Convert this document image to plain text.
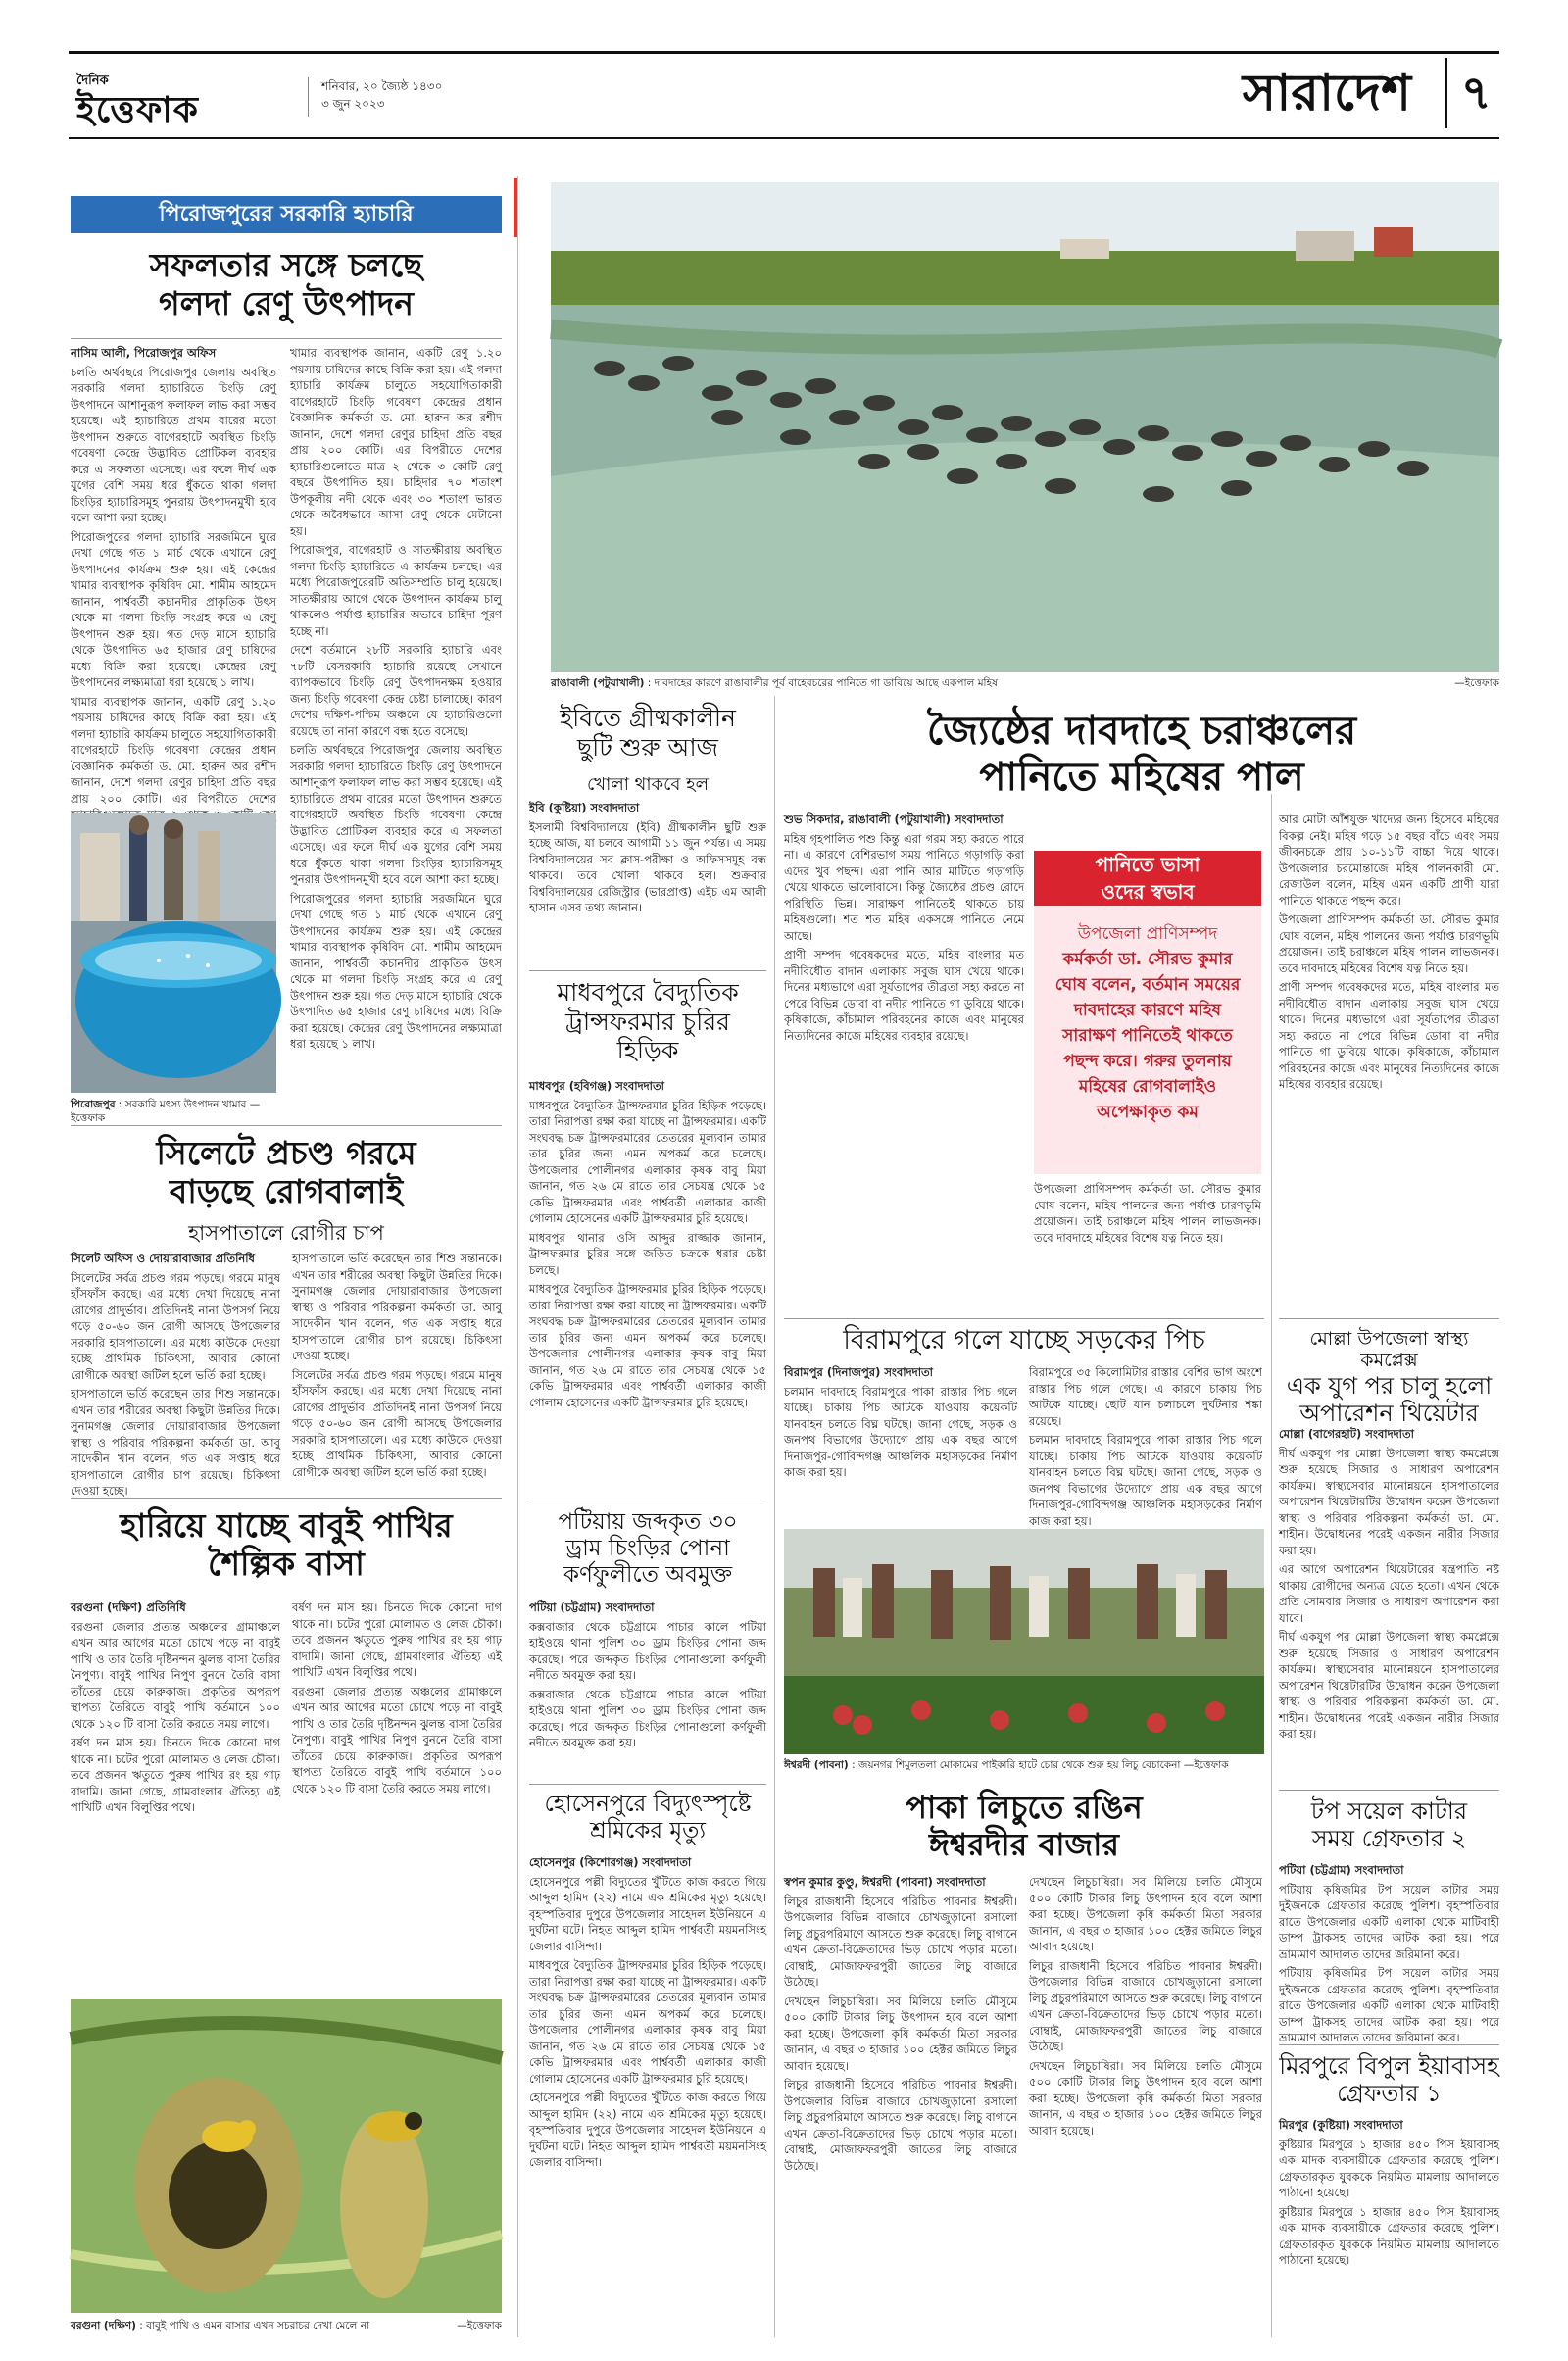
দৈনিক
ইত্তেফাক
শনিবার, ২০ জ্যৈষ্ঠ ১৪৩০
৩ জুন ২০২৩	সারাদেশ	৭
পিরোজপুরের সরকারি হ্যাচারি
সফলতার সঙ্গে চলছে
গলদা রেণু উৎপাদন

নাসিম আলী, পিরোজপুর অফিস

চলতি অর্থবছরে পিরোজপুর জেলায় অবস্থিত সরকারি গলদা হ্যাচারিতে চিংড়ি রেণু উৎপাদনে আশানুরূপ ফলাফল লাভ করা সম্ভব হয়েছে। এই হ্যাচারিতে প্রথম বারের মতো উৎপাদন শুরুতে বাগেরহাটে অবস্থিত চিংড়ি গবেষণা কেন্দ্রে উদ্ভাবিত প্রোটিকল ব্যবহার করে এ সফলতা এসেছে। এর ফলে দীর্ঘ এক যুগের বেশি সময় ধরে ধুঁকতে থাকা গলদা চিংড়ির হ্যাচারিসমূহ পুনরায় উৎপাদনমুখী হবে বলে আশা করা হচ্ছে।

পিরোজপুরের গলদা হ্যাচারি সরজমিনে ঘুরে দেখা গেছে গত ১ মার্চ থেকে এখানে রেণু উৎপাদনের কার্যক্রম শুরু হয়। এই কেন্দ্রের খামার ব্যবস্থাপক কৃষিবিদ মো. শামীম আহমেদ জানান, পার্শ্ববর্তী কচানদীর প্রাকৃতিক উৎস থেকে মা গলদা চিংড়ি সংগ্রহ করে এ রেণু উৎপাদন শুরু হয়। গত দেড় মাসে হ্যাচারি থেকে উৎপাদিত ৬৫ হাজার রেণু চাষিদের মধ্যে বিক্রি করা হয়েছে। কেন্দ্রের রেণু উৎপাদনের লক্ষ্যমাত্রা ধরা হয়েছে ১ লাখ।

খামার ব্যবস্থাপক জানান, একটি রেণু ১.২০ পয়সায় চাষিদের কাছে বিক্রি করা হয়। এই গলদা হ্যাচারি কার্যক্রম চালুতে সহযোগিতাকারী বাগেরহাটে চিংড়ি গবেষণা কেন্দ্রের প্রধান বৈজ্ঞানিক কর্মকর্তা ড. মো. হারুন অর রশীদ জানান, দেশে গলদা রেণুর চাহিদা প্রতি বছর প্রায় ২০০ কোটি। এর বিপরীতে দেশের

খামার ব্যবস্থাপক জানান, একটি রেণু ১.২০ পয়সায় চাষিদের কাছে বিক্রি করা হয়। এই গলদা হ্যাচারি কার্যক্রম চালুতে সহযোগিতাকারী বাগেরহাটে চিংড়ি গবেষণা কেন্দ্রের প্রধান বৈজ্ঞানিক কর্মকর্তা ড. মো. হারুন অর রশীদ জানান, দেশে গলদা রেণুর চাহিদা প্রতি বছর প্রায় ২০০ কোটি। এর বিপরীতে দেশের হ্যাচারিগুলোতে মাত্র ২ থেকে ৩ কোটি রেণু বছরে উৎপাদিত হয়। চাহিদার ৭০ শতাংশ উপকূলীয় নদী থেকে এবং ৩০ শতাংশ ভারত থেকে অবৈধভাবে আসা রেণু থেকে মেটানো হয়।

পিরোজপুর, বাগেরহাট ও সাতক্ষীরায় অবস্থিত গলদা চিংড়ি হ্যাচারিতে এ কার্যক্রম চলছে। এর মধ্যে পিরোজপুরেরটি অতিসম্প্রতি চালু হয়েছে। সাতক্ষীরায় আগে থেকে উৎপাদন কার্যক্রম চালু থাকলেও পর্যাপ্ত হ্যাচারির অভাবে চাহিদা পূরণ হচ্ছে না।

দেশে বর্তমানে ২৮টি সরকারি হ্যাচারি এবং ৭৮টি বেসরকারি হ্যাচারি রয়েছে সেখানে ব্যাপকভাবে চিংড়ি রেণু উৎপাদনক্ষম হওয়ার জন্য চিংড়ি গবেষণা কেন্দ্র চেষ্টা চালাচ্ছে। কারণ দেশের দক্ষিণ-পশ্চিম অঞ্চলে যে হ্যাচারিগুলো রয়েছে তা নানা কারণে বন্ধ হতে বসেছে।

চলতি অর্থবছরে পিরোজপুর জেলায় অবস্থিত সরকারি গলদা হ্যাচারিতে চিংড়ি রেণু উৎপাদনে আশানুরূপ ফলাফল লাভ করা সম্ভব হয়েছে। এই হ্যাচারিতে প্রথম বারের মতো উৎপাদন শুরুতে বাগেরহাটে অবস্থিত চিংড়ি গবেষণা কেন্দ্রে উদ্ভাবিত প্রোটিকল ব্যবহার করে এ সফলতা এসেছে। এর ফলে দীর্ঘ এক যুগের বেশি সময় ধরে ধুঁকতে থাকা গলদা চিংড়ির হ্যাচারিসমূহ পুনরায় উৎপাদনমুখী হবে বলে আশা করা হচ্ছে।

পিরোজপুরের গলদা হ্যাচারি সরজমিনে ঘুরে দেখা গেছে গত ১ মার্চ থেকে এখানে রেণু উৎপাদনের কার্যক্রম শুরু হয়। এই কেন্দ্রের খামার ব্যবস্থাপক কৃষিবিদ মো. শামীম আহমেদ জানান, পার্শ্ববর্তী কচানদীর প্রাকৃতিক উৎস থেকে মা গলদা চিংড়ি সংগ্রহ করে এ রেণু উৎপাদন শুরু হয়। গত দেড় মাসে হ্যাচারি থেকে উৎপাদিত ৬৫ হাজার রেণু চাষিদের মধ্যে বিক্রি করা হয়েছে। কেন্দ্রের রেণু উৎপাদনের লক্ষ্যমাত্রা ধরা হয়েছে ১ লাখ।

পিরোজপুর : সরকারি মৎস্য উৎপাদন খামার —ইত্তেফাক
সিলেটে প্রচণ্ড গরমে
বাড়ছে রোগবালাই
হাসপাতালে রোগীর চাপ

সিলেট অফিস ও দোয়ারাবাজার প্রতিনিধি

সিলেটের সর্বত্র প্রচণ্ড গরম পড়ছে। গরমে মানুষ হাঁসফাঁস করছে। এর মধ্যে দেখা দিয়েছে নানা রোগের প্রাদুর্ভাব। প্রতিদিনই নানা উপসর্গ নিয়ে গড়ে ৫০-৬০ জন রোগী আসছে উপজেলার সরকারি হাসপাতালে। এর মধ্যে কাউকে দেওয়া হচ্ছে প্রাথমিক চিকিৎসা, আবার কোনো রোগীকে অবস্থা জটিল হলে ভর্তি করা হচ্ছে।

হাসপাতালে ভর্তি করেছেন তার শিশু সন্তানকে। এখন তার শরীরের অবস্থা কিছুটা উন্নতির দিকে। সুনামগঞ্জ জেলার দোয়ারাবাজার উপজেলা স্বাস্থ্য ও পরিবার পরিকল্পনা কর্মকর্তা ডা. আবু সাদেকীন খান বলেন, গত এক সপ্তাহ ধরে হাসপাতালে রোগীর চাপ রয়েছে। চিকিৎসা দেওয়া হচ্ছে।

হাসপাতালে ভর্তি করেছেন তার শিশু সন্তানকে। এখন তার শরীরের অবস্থা কিছুটা উন্নতির দিকে। সুনামগঞ্জ জেলার দোয়ারাবাজার উপজেলা স্বাস্থ্য ও পরিবার পরিকল্পনা কর্মকর্তা ডা. আবু সাদেকীন খান বলেন, গত এক সপ্তাহ ধরে হাসপাতালে রোগীর চাপ রয়েছে। চিকিৎসা দেওয়া হচ্ছে।

সিলেটের সর্বত্র প্রচণ্ড গরম পড়ছে। গরমে মানুষ হাঁসফাঁস করছে। এর মধ্যে দেখা দিয়েছে নানা রোগের প্রাদুর্ভাব। প্রতিদিনই নানা উপসর্গ নিয়ে গড়ে ৫০-৬০ জন রোগী আসছে উপজেলার সরকারি হাসপাতালে। এর মধ্যে কাউকে দেওয়া হচ্ছে প্রাথমিক চিকিৎসা, আবার কোনো রোগীকে অবস্থা জটিল হলে ভর্তি করা হচ্ছে।

হারিয়ে যাচ্ছে বাবুই পাখির
শৈল্পিক বাসা

বরগুনা (দক্ষিণ) প্রতিনিধি

বরগুনা জেলার প্রত্যন্ত অঞ্চলের গ্রামাঞ্চলে এখন আর আগের মতো চোখে পড়ে না বাবুই পাখি ও তার তৈরি দৃষ্টিনন্দন ঝুলন্ত বাসা তৈরির নৈপুণ্য। বাবুই পাখির নিপুণ বুননে তৈরি বাসা তাঁতের চেয়ে কারুকাজ। প্রকৃতির অপরূপ স্থাপত্য তৈরিতে বাবুই পাখি বর্তমানে ১০০ থেকে ১২০ টি বাসা তৈরি করতে সময় লাগে।

বর্ষণ দন মাস হয়। চিনতে দিকে কোনো দাগ থাকে না। চটের পুরো মোলামত ও লেজ চৌকা। তবে প্রজনন ঋতুতে পুরুষ পাখির রং হয় গাঢ় বাদামি। জানা গেছে, গ্রামবাংলার ঐতিহ্য এই পাখিটি এখন বিলুপ্তির পথে।

বর্ষণ দন মাস হয়। চিনতে দিকে কোনো দাগ থাকে না। চটের পুরো মোলামত ও লেজ চৌকা। তবে প্রজনন ঋতুতে পুরুষ পাখির রং হয় গাঢ় বাদামি। জানা গেছে, গ্রামবাংলার ঐতিহ্য এই পাখিটি এখন বিলুপ্তির পথে।

বরগুনা জেলার প্রত্যন্ত অঞ্চলের গ্রামাঞ্চলে এখন আর আগের মতো চোখে পড়ে না বাবুই পাখি ও তার তৈরি দৃষ্টিনন্দন ঝুলন্ত বাসা তৈরির নৈপুণ্য। বাবুই পাখির নিপুণ বুননে তৈরি বাসা তাঁতের চেয়ে কারুকাজ। প্রকৃতির অপরূপ স্থাপত্য তৈরিতে বাবুই পাখি বর্তমানে ১০০ থেকে ১২০ টি বাসা তৈরি করতে সময় লাগে।

বরগুনা (দক্ষিণ) : বাবুই পাখি ও এমন বাসার এখন সচরাচর দেখা মেলে না	—ইত্তেফাক
রাঙাবালী (পটুয়াখালী) : দাবদাহের কারণে রাঙাবালীর পূর্ব বাহেরচরের পানিতে গা ডাবিয়ে আছে একপাল মহিষ	—ইত্তেফাক
ইবিতে গ্রীষ্মকালীন
ছুটি শুরু আজ
খোলা থাকবে হল

ইবি (কুষ্টিয়া) সংবাদদাতা

ইসলামী বিশ্ববিদ্যালয়ে (ইবি) গ্রীষ্মকালীন ছুটি শুরু হচ্ছে আজ, যা চলবে আগামী ১১ জুন পর্যন্ত। এ সময় বিশ্ববিদ্যালয়ের সব ক্লাস-পরীক্ষা ও অফিসসমূহ বন্ধ থাকবে। তবে খোলা থাকবে হল। শুক্রবার বিশ্ববিদ্যালয়ের রেজিস্ট্রার (ভারপ্রাপ্ত) এইচ এম আলী হাসান এসব তথ্য জানান।

মাধবপুরে বৈদ্যুতিক
ট্রান্সফরমার চুরির
হিড়িক

মাধবপুর (হবিগঞ্জ) সংবাদদাতা

মাধবপুরে বৈদ্যুতিক ট্রান্সফরমার চুরির হিড়িক পড়েছে। তারা নিরাপত্তা রক্ষা করা যাচ্ছে না ট্রান্সফরমার। একটি সংঘবদ্ধ চক্র ট্রান্সফরমারের তেতরের মূল্যবান তামার তার চুরির জন্য এমন অপকর্ম করে চলেছে। উপজেলার পোলীনগর এলাকার কৃষক বাবু মিয়া জানান, গত ২৬ মে রাতে তার সেচযন্ত্র থেকে ১৫ কেভি ট্রান্সফরমার এবং পার্শ্ববর্তী এলাকার কাজী গোলাম হোসেনের একটি ট্রান্সফরমার চুরি হয়েছে।

মাধবপুর থানার ওসি আব্দুর রাজ্জাক জানান, ট্রান্সফরমার চুরির সঙ্গে জড়িত চক্রকে ধরার চেষ্টা চলছে।

মাধবপুরে বৈদ্যুতিক ট্রান্সফরমার চুরির হিড়িক পড়েছে। তারা নিরাপত্তা রক্ষা করা যাচ্ছে না ট্রান্সফরমার। একটি সংঘবদ্ধ চক্র ট্রান্সফরমারের তেতরের মূল্যবান তামার তার চুরির জন্য এমন অপকর্ম করে চলেছে। উপজেলার পোলীনগর এলাকার কৃষক বাবু মিয়া জানান, গত ২৬ মে রাতে তার সেচযন্ত্র থেকে ১৫ কেভি ট্রান্সফরমার এবং পার্শ্ববর্তী এলাকার কাজী গোলাম হোসেনের একটি ট্রান্সফরমার চুরি হয়েছে।

পটিয়ায় জব্দকৃত ৩০
ড্রাম চিংড়ির পোনা
কর্ণফুলীতে অবমুক্ত

পটিয়া (চট্টগ্রাম) সংবাদদাতা

কক্সবাজার থেকে চট্টগ্রামে পাচার কালে পটিয়া হাইওয়ে থানা পুলিশ ৩০ ড্রাম চিংড়ির পোনা জব্দ করেছে। পরে জব্দকৃত চিংড়ির পোনাগুলো কর্ণফুলী নদীতে অবমুক্ত করা হয়।

কক্সবাজার থেকে চট্টগ্রামে পাচার কালে পটিয়া হাইওয়ে থানা পুলিশ ৩০ ড্রাম চিংড়ির পোনা জব্দ করেছে। পরে জব্দকৃত চিংড়ির পোনাগুলো কর্ণফুলী নদীতে অবমুক্ত করা হয়।

হোসেনপুরে বিদ্যুৎস্পৃষ্টে
শ্রমিকের মৃত্যু

হোসেনপুর (কিশোরগঞ্জ) সংবাদদাতা

হোসেনপুরে পল্লী বিদ্যুতের খুঁটিতে কাজ করতে গিয়ে আব্দুল হামিদ (২২) নামে এক শ্রমিকের মৃত্যু হয়েছে। বৃহস্পতিবার দুপুরে উপজেলার সাহেদল ইউনিয়নে এ দুর্ঘটনা ঘটে। নিহত আব্দুল হামিদ পার্শ্ববর্তী ময়মনসিংহ জেলার বাসিন্দা।

মাধবপুরে বৈদ্যুতিক ট্রান্সফরমার চুরির হিড়িক পড়েছে। তারা নিরাপত্তা রক্ষা করা যাচ্ছে না ট্রান্সফরমার। একটি সংঘবদ্ধ চক্র ট্রান্সফরমারের তেতরের মূল্যবান তামার তার চুরির জন্য এমন অপকর্ম করে চলেছে। উপজেলার পোলীনগর এলাকার কৃষক বাবু মিয়া জানান, গত ২৬ মে রাতে তার সেচযন্ত্র থেকে ১৫ কেভি ট্রান্সফরমার এবং পার্শ্ববর্তী এলাকার কাজী গোলাম হোসেনের একটি ট্রান্সফরমার চুরি হয়েছে।

হোসেনপুরে পল্লী বিদ্যুতের খুঁটিতে কাজ করতে গিয়ে আব্দুল হামিদ (২২) নামে এক শ্রমিকের মৃত্যু হয়েছে। বৃহস্পতিবার দুপুরে উপজেলার সাহেদল ইউনিয়নে এ দুর্ঘটনা ঘটে। নিহত আব্দুল হামিদ পার্শ্ববর্তী ময়মনসিংহ জেলার বাসিন্দা।

জ্যৈষ্ঠের দাবদাহে চরাঞ্চলের
পানিতে মহিষের পাল

শুভ সিকদার, রাঙাবালী (পটুয়াখালী) সংবাদদাতা

মহিষ গৃহপালিত পশু কিন্তু এরা গরম সহ্য করতে পারে না। এ কারণে বেশিরভাগ সময় পানিতে গড়াগড়ি করা এদের খুব পছন্দ। এরা পানি আর মাটিতে গড়াগড়ি খেয়ে থাকতে ভালোবাসে। কিন্তু জ্যৈষ্ঠের প্রচণ্ড রোদে পরিস্থিতি ভিন্ন। সারাক্ষণ পানিতেই থাকতে চায় মহিষগুলো। শত শত মহিষ একসঙ্গে পানিতে নেমে আছে।

প্রাণী সম্পদ গবেষকদের মতে, মহিষ বাংলার মত নদীবিধৌত বাদান এলাকায় সবুজ ঘাস খেয়ে থাকে। দিনের মধ্যভাগে এরা সূর্যতাপের তীব্রতা সহ্য করতে না পেরে বিভিন্ন ডোবা বা নদীর পানিতে গা ডুবিয়ে থাকে। কৃষিকাজে, কাঁচামাল পরিবহনের কাজে এবং মানুষের নিত্যদিনের কাজে মহিষের ব্যবহার রয়েছে।

পানিতে ভাসা
ওদের স্বভাব
উপজেলা প্রাণিসম্পদ
কর্মকর্তা ডা. সৌরভ কুমার
ঘোষ বলেন, বর্তমান সময়ের
দাবদাহের কারণে মহিষ
সারাক্ষণ পানিতেই থাকতে
পছন্দ করে। গরুর তুলনায়
মহিষের রোগবালাইও
অপেক্ষাকৃত কম

উপজেলা প্রাণিসম্পদ কর্মকর্তা ডা. সৌরভ কুমার ঘোষ বলেন, মহিষ পালনের জন্য পর্যাপ্ত চারণভূমি প্রয়োজন। তাই চরাঞ্চলে মহিষ পালন লাভজনক। তবে দাবদাহে মহিষের বিশেষ যত্ন নিতে হয়।

আর মোটা আঁশযুক্ত খাদ্যের জন্য হিসেবে মহিষের বিকল্প নেই। মহিষ গড়ে ১৫ বছর বাঁচে এবং সময় জীবনচক্রে প্রায় ১০-১১টি বাচ্চা দিয়ে থাকে। উপজেলার চরমোন্তাজে মহিষ পালনকারী মো. রেজাউল বলেন, মহিষ এমন একটি প্রাণী যারা পানিতে থাকতে পছন্দ করে।

উপজেলা প্রাণিসম্পদ কর্মকর্তা ডা. সৌরভ কুমার ঘোষ বলেন, মহিষ পালনের জন্য পর্যাপ্ত চারণভূমি প্রয়োজন। তাই চরাঞ্চলে মহিষ পালন লাভজনক। তবে দাবদাহে মহিষের বিশেষ যত্ন নিতে হয়।

প্রাণী সম্পদ গবেষকদের মতে, মহিষ বাংলার মত নদীবিধৌত বাদান এলাকায় সবুজ ঘাস খেয়ে থাকে। দিনের মধ্যভাগে এরা সূর্যতাপের তীব্রতা সহ্য করতে না পেরে বিভিন্ন ডোবা বা নদীর পানিতে গা ডুবিয়ে থাকে। কৃষিকাজে, কাঁচামাল পরিবহনের কাজে এবং মানুষের নিত্যদিনের কাজে মহিষের ব্যবহার রয়েছে।

বিরামপুরে গলে যাচ্ছে সড়কের পিচ

বিরামপুর (দিনাজপুর) সংবাদদাতা

চলমান দাবদাহে বিরামপুরে পাকা রাস্তার পিচ গলে যাচ্ছে। চাকায় পিচ আটকে যাওয়ায় কয়েকটি যানবাহন চলতে বিঘ্ন ঘটছে। জানা গেছে, সড়ক ও জনপথ বিভাগের উদ্যোগে প্রায় এক বছর আগে দিনাজপুর-গোবিন্দগঞ্জ আঞ্চলিক মহাসড়কের নির্মাণ কাজ করা হয়।

বিরামপুরে ৩৫ কিলোমিটার রাস্তার বেশির ভাগ অংশে রাস্তার পিচ গলে গেছে। এ কারণে চাকায় পিচ আটকে যাচ্ছে। ছোট যান চলাচলে দুর্ঘটনার শঙ্কা রয়েছে।

চলমান দাবদাহে বিরামপুরে পাকা রাস্তার পিচ গলে যাচ্ছে। চাকায় পিচ আটকে যাওয়ায় কয়েকটি যানবাহন চলতে বিঘ্ন ঘটছে। জানা গেছে, সড়ক ও জনপথ বিভাগের উদ্যোগে প্রায় এক বছর আগে দিনাজপুর-গোবিন্দগঞ্জ আঞ্চলিক মহাসড়কের নির্মাণ কাজ করা হয়।

ঈশ্বরদী (পাবনা) : জয়নগর শিমুলতলা মোকামের পাইকারি হাটে চোর থেকে শুরু হয় লিচু বেচাকেনা —ইত্তেফাক
পাকা লিচুতে রঙিন
ঈশ্বরদীর বাজার

স্বপন কুমার কুণ্ডু, ঈশ্বরদী (পাবনা) সংবাদদাতা

লিচুর রাজধানী হিসেবে পরিচিত পাবনার ঈশ্বরদী। উপজেলার বিভিন্ন বাজারে চোখজুড়ানো রসালো লিচু প্রচুরপরিমাণে আসতে শুরু করেছে। লিচু বাগানে এখন ক্রেতা-বিক্রেতাদের ভিড় চোখে পড়ার মতো। বোম্বাই, মোজাফফরপুরী জাতের লিচু বাজারে উঠেছে।

দেখছেন লিচুচাষিরা। সব মিলিয়ে চলতি মৌসুমে ৫০০ কোটি টাকার লিচু উৎপাদন হবে বলে আশা করা হচ্ছে। উপজেলা কৃষি কর্মকর্তা মিতা সরকার জানান, এ বছর ৩ হাজার ১০০ হেক্টর জমিতে লিচুর আবাদ হয়েছে।

লিচুর রাজধানী হিসেবে পরিচিত পাবনার ঈশ্বরদী। উপজেলার বিভিন্ন বাজারে চোখজুড়ানো রসালো লিচু প্রচুরপরিমাণে আসতে শুরু করেছে। লিচু বাগানে এখন ক্রেতা-বিক্রেতাদের ভিড় চোখে পড়ার মতো। বোম্বাই, মোজাফফরপুরী জাতের লিচু বাজারে উঠেছে।

দেখছেন লিচুচাষিরা। সব মিলিয়ে চলতি মৌসুমে ৫০০ কোটি টাকার লিচু উৎপাদন হবে বলে আশা করা হচ্ছে। উপজেলা কৃষি কর্মকর্তা মিতা সরকার জানান, এ বছর ৩ হাজার ১০০ হেক্টর জমিতে লিচুর আবাদ হয়েছে।

লিচুর রাজধানী হিসেবে পরিচিত পাবনার ঈশ্বরদী। উপজেলার বিভিন্ন বাজারে চোখজুড়ানো রসালো লিচু প্রচুরপরিমাণে আসতে শুরু করেছে। লিচু বাগানে এখন ক্রেতা-বিক্রেতাদের ভিড় চোখে পড়ার মতো। বোম্বাই, মোজাফফরপুরী জাতের লিচু বাজারে উঠেছে।

দেখছেন লিচুচাষিরা। সব মিলিয়ে চলতি মৌসুমে ৫০০ কোটি টাকার লিচু উৎপাদন হবে বলে আশা করা হচ্ছে। উপজেলা কৃষি কর্মকর্তা মিতা সরকার জানান, এ বছর ৩ হাজার ১০০ হেক্টর জমিতে লিচুর আবাদ হয়েছে।

মোল্লা উপজেলা স্বাস্থ্য কমপ্লেক্স
এক যুগ পর চালু হলো
অপারেশন থিয়েটার

মোল্লা (বাগেরহাট) সংবাদদাতা

দীর্ঘ একযুগ পর মোল্লা উপজেলা স্বাস্থ্য কমপ্লেক্সে শুরু হয়েছে সিজার ও সাধারণ অপারেশন কার্যক্রম। স্বাস্থ্যসেবার মানোন্নয়নে হাসপাতালের অপারেশন থিয়েটারটির উদ্বোধন করেন উপজেলা স্বাস্থ্য ও পরিবার পরিকল্পনা কর্মকর্তা ডা. মো. শাহীন। উদ্বোধনের পরেই একজন নারীর সিজার করা হয়।

এর আগে অপারেশন থিয়েটারের যন্ত্রপাতি নষ্ট থাকায় রোগীদের অন্যত্র যেতে হতো। এখন থেকে প্রতি সোমবার সিজার ও সাধারণ অপারেশন করা যাবে।

দীর্ঘ একযুগ পর মোল্লা উপজেলা স্বাস্থ্য কমপ্লেক্সে শুরু হয়েছে সিজার ও সাধারণ অপারেশন কার্যক্রম। স্বাস্থ্যসেবার মানোন্নয়নে হাসপাতালের অপারেশন থিয়েটারটির উদ্বোধন করেন উপজেলা স্বাস্থ্য ও পরিবার পরিকল্পনা কর্মকর্তা ডা. মো. শাহীন। উদ্বোধনের পরেই একজন নারীর সিজার করা হয়।

টপ সয়েল কাটার
সময় গ্রেফতার ২

পটিয়া (চট্টগ্রাম) সংবাদদাতা

পটিয়ায় কৃষিজমির টপ সয়েল কাটার সময় দুইজনকে গ্রেফতার করেছে পুলিশ। বৃহস্পতিবার রাতে উপজেলার একটি এলাকা থেকে মাটিবাহী ডাম্প ট্রাকসহ তাদের আটক করা হয়। পরে ভ্রাম্যমাণ আদালত তাদের জরিমানা করে।

পটিয়ায় কৃষিজমির টপ সয়েল কাটার সময় দুইজনকে গ্রেফতার করেছে পুলিশ। বৃহস্পতিবার রাতে উপজেলার একটি এলাকা থেকে মাটিবাহী ডাম্প ট্রাকসহ তাদের আটক করা হয়। পরে ভ্রাম্যমাণ আদালত তাদের জরিমানা করে।

মিরপুরে বিপুল ইয়াবাসহ
গ্রেফতার ১

মিরপুর (কুষ্টিয়া) সংবাদদাতা

কুষ্টিয়ার মিরপুরে ১ হাজার ৪৫০ পিস ইয়াবাসহ এক মাদক ব্যবসায়ীকে গ্রেফতার করেছে পুলিশ। গ্রেফতারকৃত যুবককে নিয়মিত মামলায় আদালতে পাঠানো হয়েছে।

কুষ্টিয়ার মিরপুরে ১ হাজার ৪৫০ পিস ইয়াবাসহ এক মাদক ব্যবসায়ীকে গ্রেফতার করেছে পুলিশ। গ্রেফতারকৃত যুবককে নিয়মিত মামলায় আদালতে পাঠানো হয়েছে।
